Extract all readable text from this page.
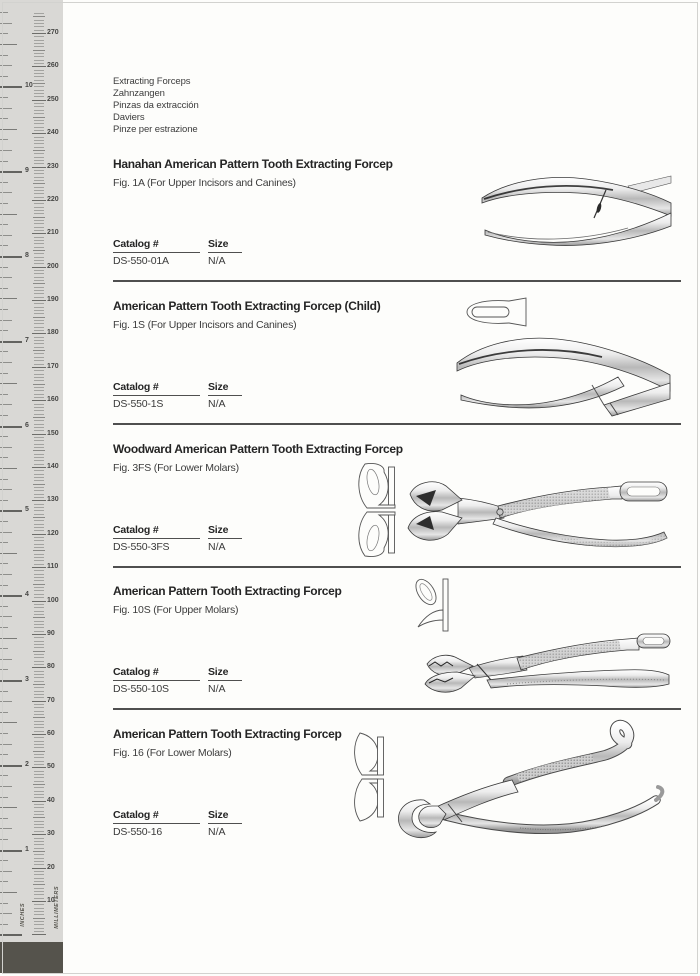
INCHES	MILLIMETERS
10
20
30
40
50
60
70
80
90
100
110
120
130
140
150
160
170
180
190
200
210
220
230
240
250
260
270
1
2
3
4
5
6
7
8
9
10	Extracting Forceps
Zahnzangen
Pinzas da extracción
Daviers
Pinze per estrazione
Hanahan American Pattern Tooth Extracting Forcep
Fig. 1A (For Upper Incisors and Canines)
Catalog #	Size
DS-550-01A	N/A
American Pattern Tooth Extracting Forcep (Child)
Fig. 1S (For Upper Incisors and Canines)
Catalog #	Size
DS-550-1S	N/A
Woodward American Pattern Tooth Extracting Forcep
Fig. 3FS (For Lower Molars)
Catalog #	Size
DS-550-3FS	N/A
American Pattern Tooth Extracting Forcep
Fig. 10S (For Upper Molars)
Catalog #	Size
DS-550-10S	N/A
American Pattern Tooth Extracting Forcep
Fig. 16 (For Lower Molars)
Catalog #	Size
DS-550-16	N/A
